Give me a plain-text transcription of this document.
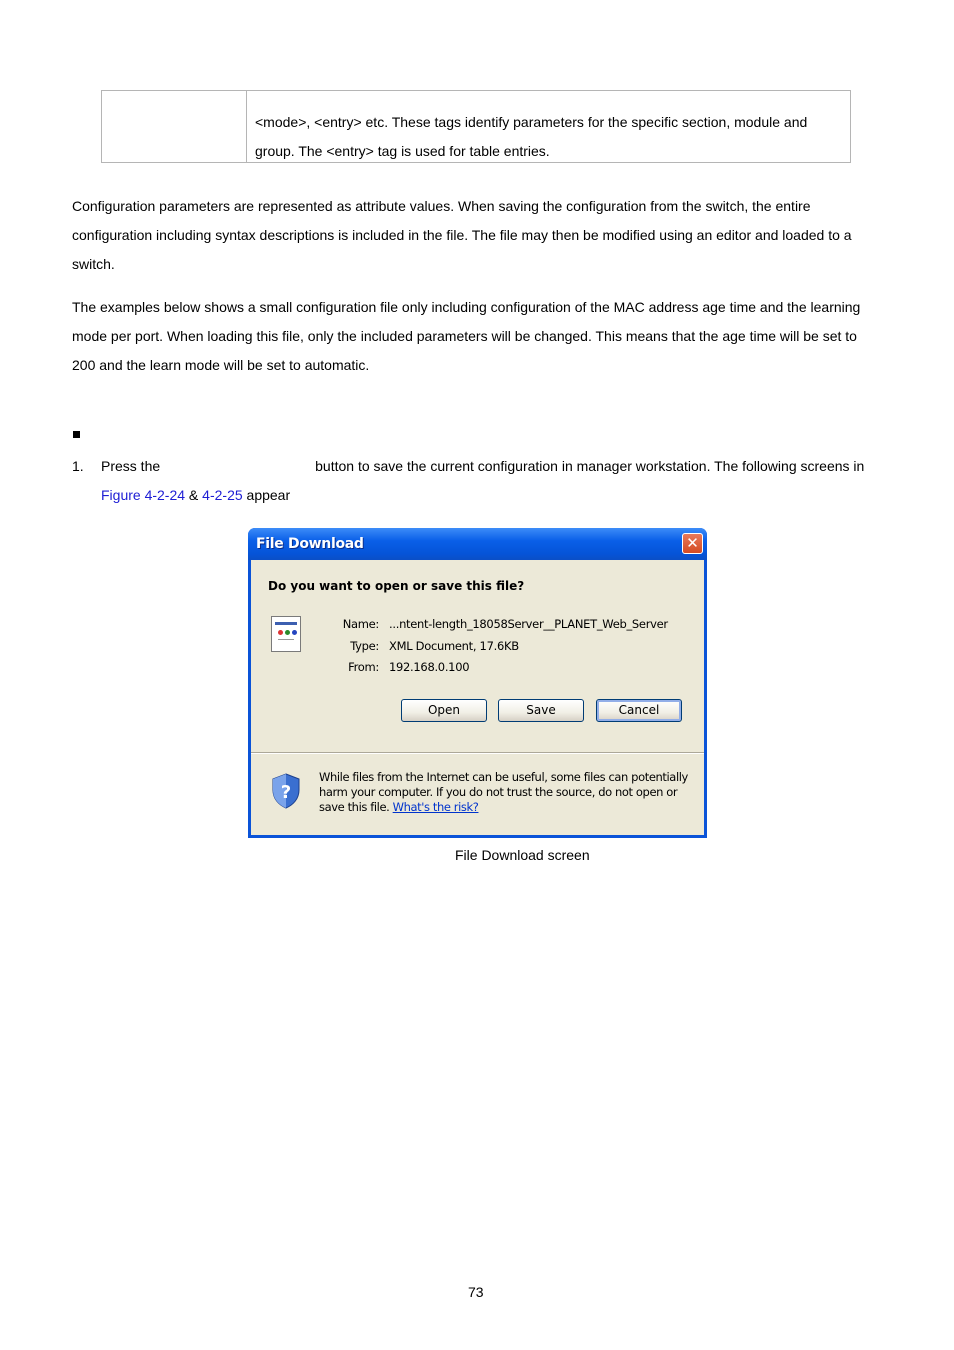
<mode>, <entry> etc. These tags identify parameters for the specific section, module and
group. The <entry> tag is used for table entries.
Configuration parameters are represented as attribute values. When saving the configuration from the switch, the entire
configuration including syntax descriptions is included in the file. The file may then be modified using an editor and loaded to a
switch.
The examples below shows a small configuration file only including configuration of the MAC address age time and the learning
mode per port. When loading this file, only the included parameters will be changed. This means that the age time will be set to
200 and the learn mode will be set to automatic.
1. Press the	button to save the current configuration in manager workstation. The following screens in
Figure 4-2-24 & 4-2-25 appear
File Download	✕
Do you want to open or save this file?
Name: ...ntent-length_18058Server__PLANET_Web_Server
Type: XML Document, 17.6KB
From: 192.168.0.100
Open	Save	Cancel
?
While files from the Internet can be useful, some files can potentially
harm your computer. If you do not trust the source, do not open or
save this file. What's the risk?
File Download screen
73
